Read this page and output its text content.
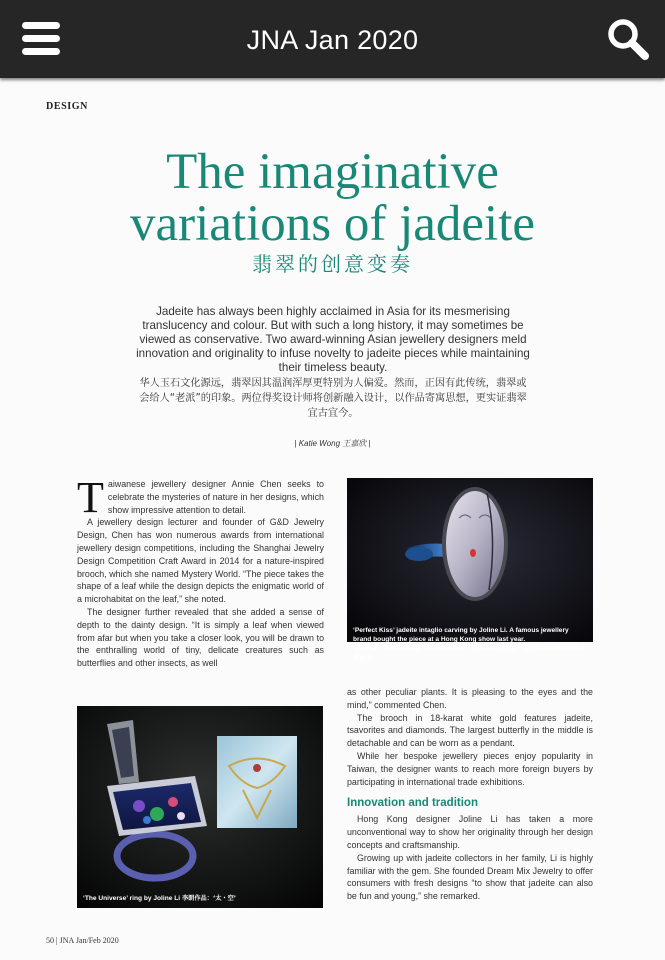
JNA Jan 2020
DESIGN
The imaginative
variations of jadeite
翡翠的创意变奏
Jadeite has always been highly acclaimed in Asia for its mesmerising translucency and colour. But with such a long history, it may sometimes be viewed as conservative. Two award-winning Asian jewellery designers meld innovation and originality to infuse novelty to jadeite pieces while maintaining their timeless beauty.
华人玉石文化源远，翡翠因其温润浑厚更特别为人偏爱。然而，正因有此传统，翡翠或会给人“老派”的印象。两位得奖设计师将创新融入设计，以作品寄寓思想，更实证翡翠宜古宜今。
| Katie Wong 王嘉欣 |

Taiwanese jewellery designer Annie Chen seeks to celebrate the mysteries of nature in her designs, which show impressive attention to detail.

A jewellery design lecturer and founder of G&D Jewelry Design, Chen has won numerous awards from international jewellery design competitions, including the Shanghai Jewelry Design Competition Craft Award in 2014 for a nature-inspired brooch, which she named Mystery World. “The piece takes the shape of a leaf while the design depicts the enigmatic world of a microhabitat on the leaf,” she noted.

The designer further revealed that she added a sense of depth to the dainty design. “It is simply a leaf when viewed from afar but when you take a closer look, you will be drawn to the enthralling world of tiny, delicate creatures such as butterflies and other insects, as well

‘Perfect Kiss’ jadeite intaglio carving by Joline Li. A famous jewellery brand bought the piece at a Hong Kong show last year.
李朗的另一翡翠雕刻作品‘Perfect Kiss’，在去年展会上被一著名珠宝品牌的创意总监购走

as other peculiar plants. It is pleasing to the eyes and the mind,” commented Chen.

The brooch in 18-karat white gold features jadeite, tsavorites and diamonds. The largest butterfly in the middle is detachable and can be worn as a pendant.

While her bespoke jewellery pieces enjoy popularity in Taiwan, the designer wants to reach more foreign buyers by participating in international trade exhibitions.

Innovation and tradition

Hong Kong designer Joline Li has taken a more unconventional way to show her originality through her design concepts and craftsmanship.

Growing up with jadeite collectors in her family, Li is highly familiar with the gem. She founded Dream Mix Jewelry to offer consumers with fresh designs “to show that jadeite can also be fun and young,” she remarked.

‘The Universe’ ring by Joline Li 李朗作品：‘太・空’
50 | JNA Jan/Feb 2020
